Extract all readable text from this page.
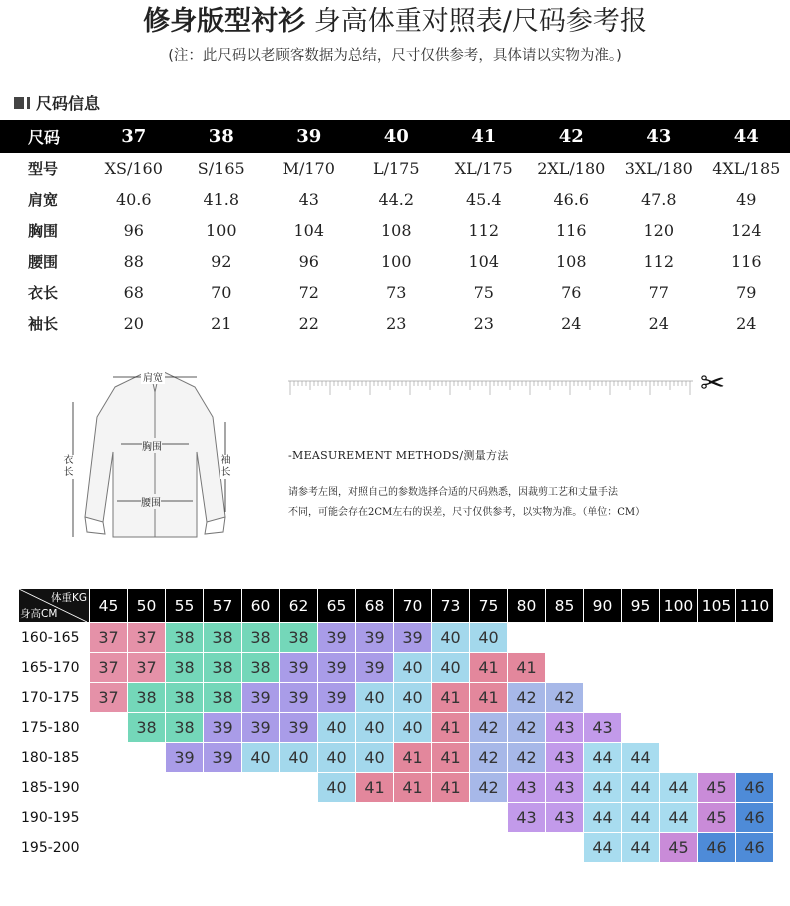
修身版型衬衫 身高体重对照表/尺码参考报
(注：此尺码以老顾客数据为总结，尺寸仅供参考，具体请以实物为准。)
尺码信息
尺码	37	38	39	40	41	42	43	44
型号	XS/160	S/165	M/170	L/175	XL/175	2XL/180	3XL/180	4XL/185
肩宽	40.6	41.8	43	44.2	45.4	46.6	47.8	49
胸围	96	100	104	108	112	116	120	124
腰围	88	92	96	100	104	108	112	116
衣长	68	70	72	73	75	76	77	79
袖长	20	21	22	23	23	24	24	24
肩宽
胸围
腰围
衣长
袖长
✂
-MEASUREMENT METHODS/测量方法
请参考左图，对照自己的参数选择合适的尺码熟悉，因裁剪工艺和丈量手法
不同，可能会存在2CM左右的误差，尺寸仅供参考，以实物为准。（单位：CM）
体重KG
身高CM	45	50	55	57	60	62	65	68	70	73	75	80	85	90	95	100	105	110
160-165	37	37	38	38	38	38	39	39	39	40	40							
165-170	37	37	38	38	38	39	39	39	40	40	41	41						
170-175	37	38	38	38	39	39	39	40	40	41	41	42	42					
175-180		38	38	39	39	39	40	40	40	41	42	42	43	43				
180-185			39	39	40	40	40	40	41	41	42	42	43	44	44			
185-190							40	41	41	41	42	43	43	44	44	44	45	46
190-195												43	43	44	44	44	45	46
195-200														44	44	45	46	46
